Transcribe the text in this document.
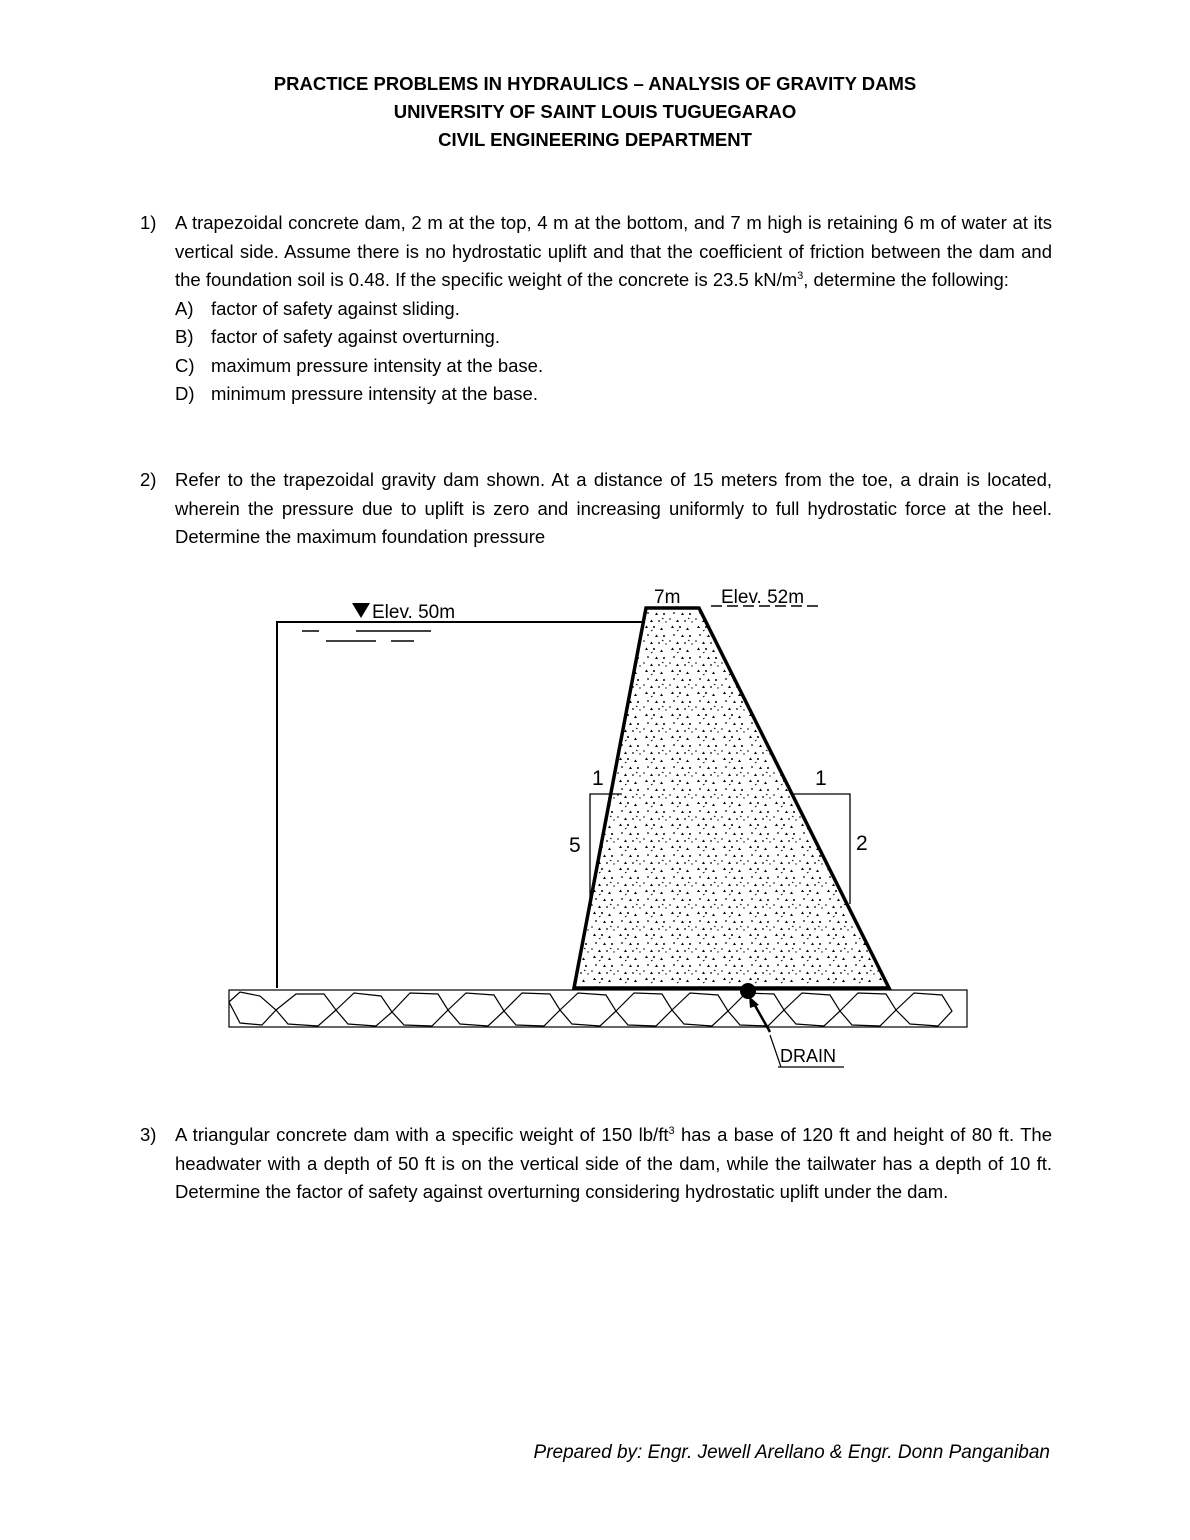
PRACTICE PROBLEMS IN HYDRAULICS – ANALYSIS OF GRAVITY DAMS
UNIVERSITY OF SAINT LOUIS TUGUEGARAO
CIVIL ENGINEERING DEPARTMENT
1) A trapezoidal concrete dam, 2 m at the top, 4 m at the bottom, and 7 m high is retaining 6 m of water at its vertical side. Assume there is no hydrostatic uplift and that the coefficient of friction between the dam and the foundation soil is 0.48. If the specific weight of the concrete is 23.5 $kN/m^3$, determine the following:
A) factor of safety against sliding.
B) factor of safety against overturning.
C) maximum pressure intensity at the base.
D) minimum pressure intensity at the base.
2) Refer to the trapezoidal gravity dam shown. At a distance of 15 meters from the toe, a drain is located, wherein the pressure due to uplift is zero and increasing uniformly to full hydrostatic force at the heel. Determine the maximum foundation pressure
Elev. 50m
7m Elev. 52m
1
5
1
2
DRAIN
3) A triangular concrete dam with a specific weight of 150 $lb/ft^3$ has a base of 120 ft and height of 80 ft. The headwater with a depth of 50 ft is on the vertical side of the dam, while the tailwater has a depth of 10 ft. Determine the factor of safety against overturning considering hydrostatic uplift under the dam.
Prepared by: Engr. Jewell Arellano & Engr. Donn Panganiban
